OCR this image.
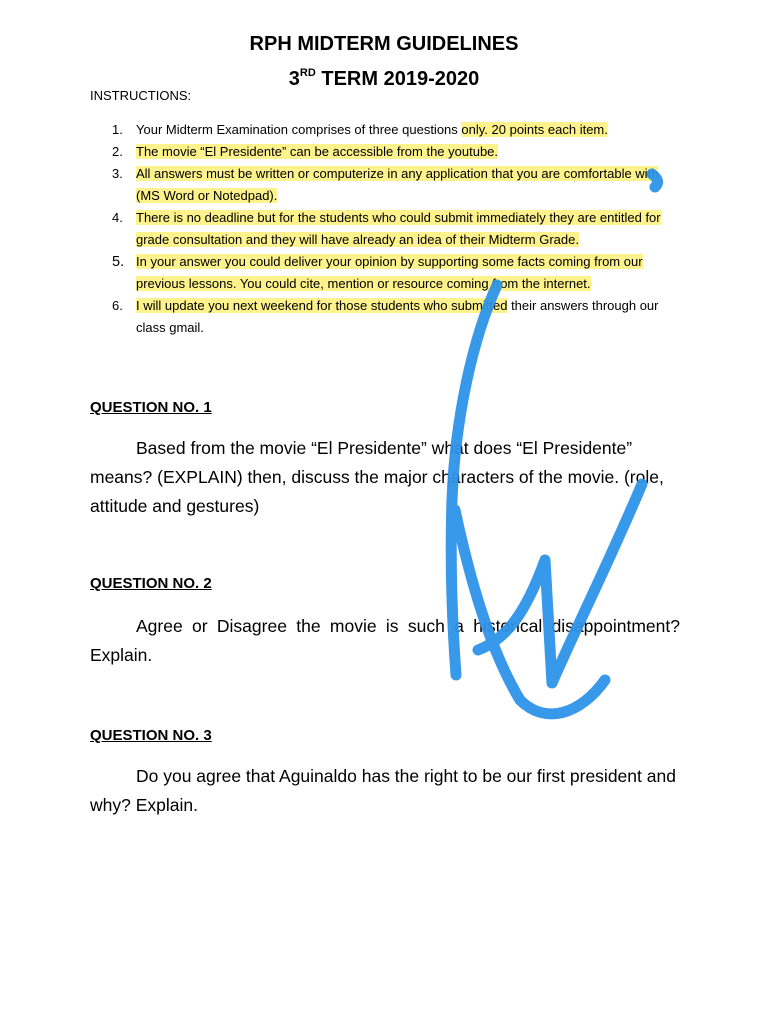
RPH MIDTERM GUIDELINES
3RD TERM 2019-2020

INSTRUCTIONS:

1. Your Midterm Examination comprises of three questions only. 20 points each item.
2. The movie “El Presidente” can be accessible from the youtube.
3. All answers must be written or computerize in any application that you are comfortable with (MS Word or Notedpad).
4. There is no deadline but for the students who could submit immediately they are entitled for grade consultation and they will have already an idea of their Midterm Grade.
5. In your answer you could deliver your opinion by supporting some facts coming from our previous lessons. You could cite, mention or resource coming from the internet.
6. I will update you next weekend for those students who submitted their answers through our class gmail.
QUESTION NO. 1

Based from the movie “El Presidente” what does “El Presidente” means? (EXPLAIN) then, discuss the major characters of the movie. (role, attitude and gestures)

QUESTION NO. 2

Agree or Disagree the movie is such a historical disappointment? Explain.

QUESTION NO. 3

Do you agree that Aguinaldo has the right to be our first president and why? Explain.
